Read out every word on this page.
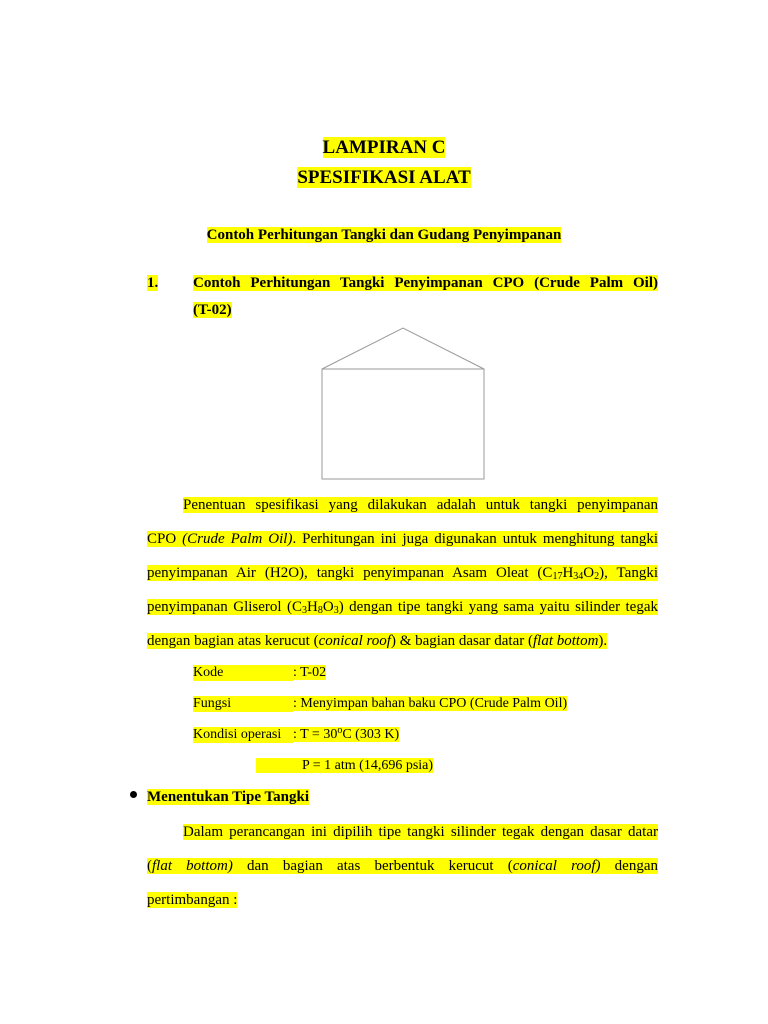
LAMPIRAN C
SPESIFIKASI ALAT
Contoh Perhitungan Tangki dan Gudang Penyimpanan
1. Contoh Perhitungan Tangki Penyimpanan CPO (Crude Palm Oil)
(T-02)
Penentuan spesifikasi yang dilakukan adalah untuk tangki penyimpanan
CPO (Crude Palm Oil). Perhitungan ini juga digunakan untuk menghitung tangki
penyimpanan Air (H2O), tangki penyimpanan Asam Oleat $(C_{17}H_{34}O_2)$, Tangki
penyimpanan Gliserol $(C_3H_8O_3)$ dengan tipe tangki yang sama yaitu silinder tegak
dengan bagian atas kerucut (conical roof) & bagian dasar datar (flat bottom).
Kode	: T-02
Fungsi	: Menyimpan bahan baku CPO (Crude Palm Oil)
Kondisi operasi : $T = 30^oC$ (303 K)
P = 1 atm (14,696 psia)
Menentukan Tipe Tangki
Dalam perancangan ini dipilih tipe tangki silinder tegak dengan dasar datar
(flat bottom) dan bagian atas berbentuk kerucut (conical roof) dengan
pertimbangan :
